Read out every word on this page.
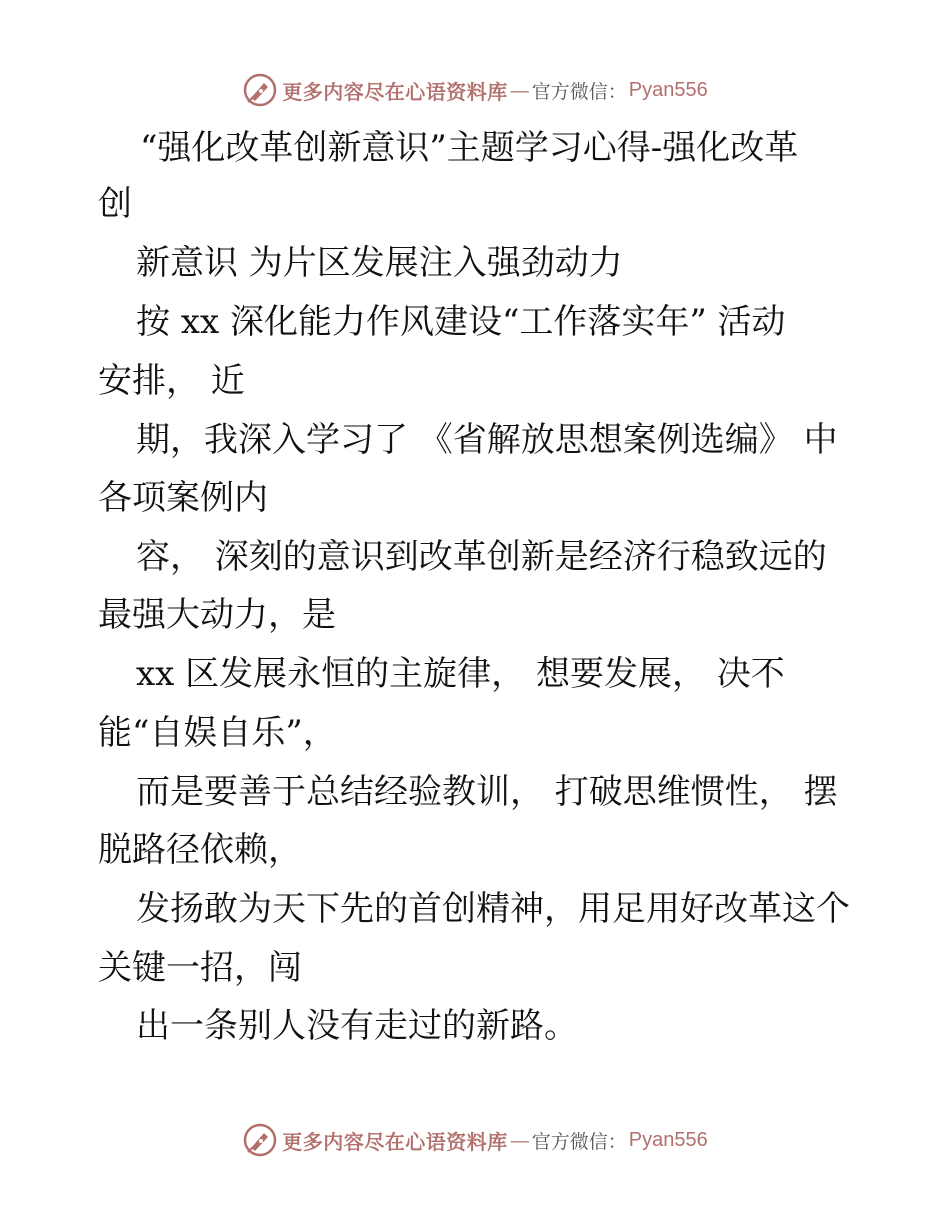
更多内容尽在心语资料库 — 官方微信： Pyan556
“强化改革创新意识”主题学习心得-强化改革
创
新意识 为片区发展注入强劲动力
按 xx 深化能力作风建设“工作落实年” 活动
安排， 近
期，我深入学习了 《省解放思想案例选编》 中
各项案例内
容， 深刻的意识到改革创新是经济行稳致远的
最强大动力，是
xx 区发展永恒的主旋律， 想要发展， 决不
能“自娱自乐”，
而是要善于总结经验教训， 打破思维惯性， 摆
脱路径依赖，
发扬敢为天下先的首创精神，用足用好改革这个
关键一招，闯
出一条别人没有走过的新路。
更多内容尽在心语资料库 — 官方微信： Pyan556
